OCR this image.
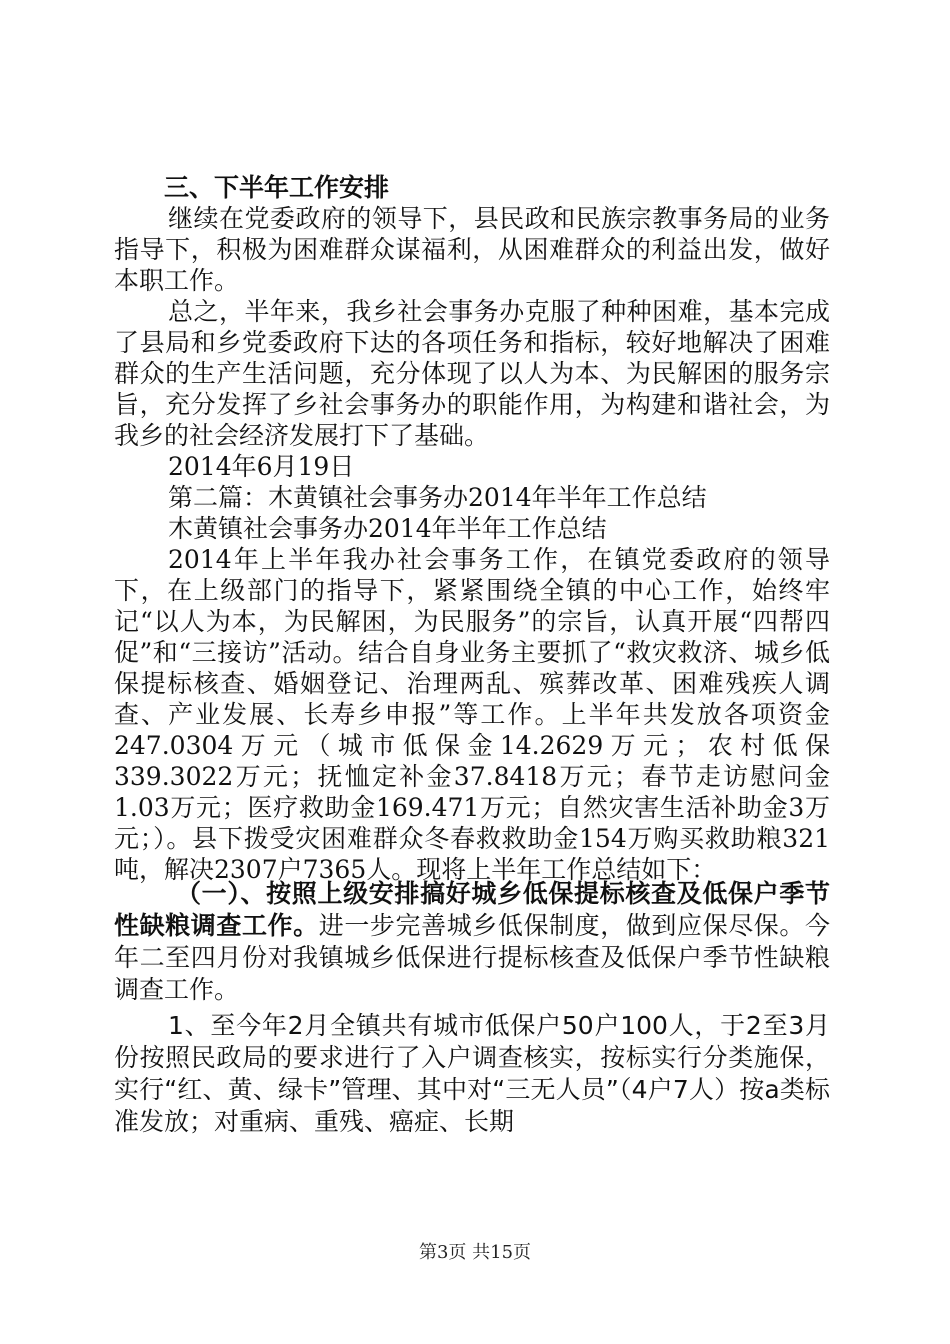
三、下半年工作安排

继续在党委政府的领导下，县民政和民族宗教事务局的业务指导下，积极为困难群众谋福利，从困难群众的利益出发，做好本职工作。

总之，半年来，我乡社会事务办克服了种种困难，基本完成了县局和乡党委政府下达的各项任务和指标，较好地解决了困难群众的生产生活问题，充分体现了以人为本、为民解困的服务宗旨，充分发挥了乡社会事务办的职能作用，为构建和谐社会，为我乡的社会经济发展打下了基础。

2014年6月19日

第二篇：木黄镇社会事务办2014年半年工作总结

木黄镇社会事务办2014年半年工作总结

2014年上半年我办社会事务工作，在镇党委政府的领导下，在上级部门的指导下，紧紧围绕全镇的中心工作，始终牢记“以人为本，为民解困，为民服务”的宗旨，认真开展“四帮四促”和“三接访”活动。结合自身业务主要抓了“救灾救济、城乡低保提标核查、婚姻登记、治理两乱、殡葬改革、困难残疾人调查、产业发展、长寿乡申报”等工作。上半年共发放各项资金247.0304万元（城市低保金14.2629万元；农村低保339.3022万元；抚恤定补金37.8418万元；春节走访慰问金1.03万元；医疗救助金169.471万元；自然灾害生活补助金3万元；）。县下拨受灾困难群众冬春救救助金154万购买救助粮321吨，解决2307户7365人。现将上半年工作总结如下：

（一）、按照上级安排搞好城乡低保提标核查及低保户季节性缺粮调查工作。进一步完善城乡低保制度，做到应保尽保。今年二至四月份对我镇城乡低保进行提标核查及低保户季节性缺粮调查工作。

1、至今年2月全镇共有城市低保户50户100人，于2至3月份按照民政局的要求进行了入户调查核实，按标实行分类施保，实行“红、黄、绿卡”管理、其中对“三无人员”（4户7人）按a类标准发放；对重病、重残、癌症、长期

第3页 共15页
